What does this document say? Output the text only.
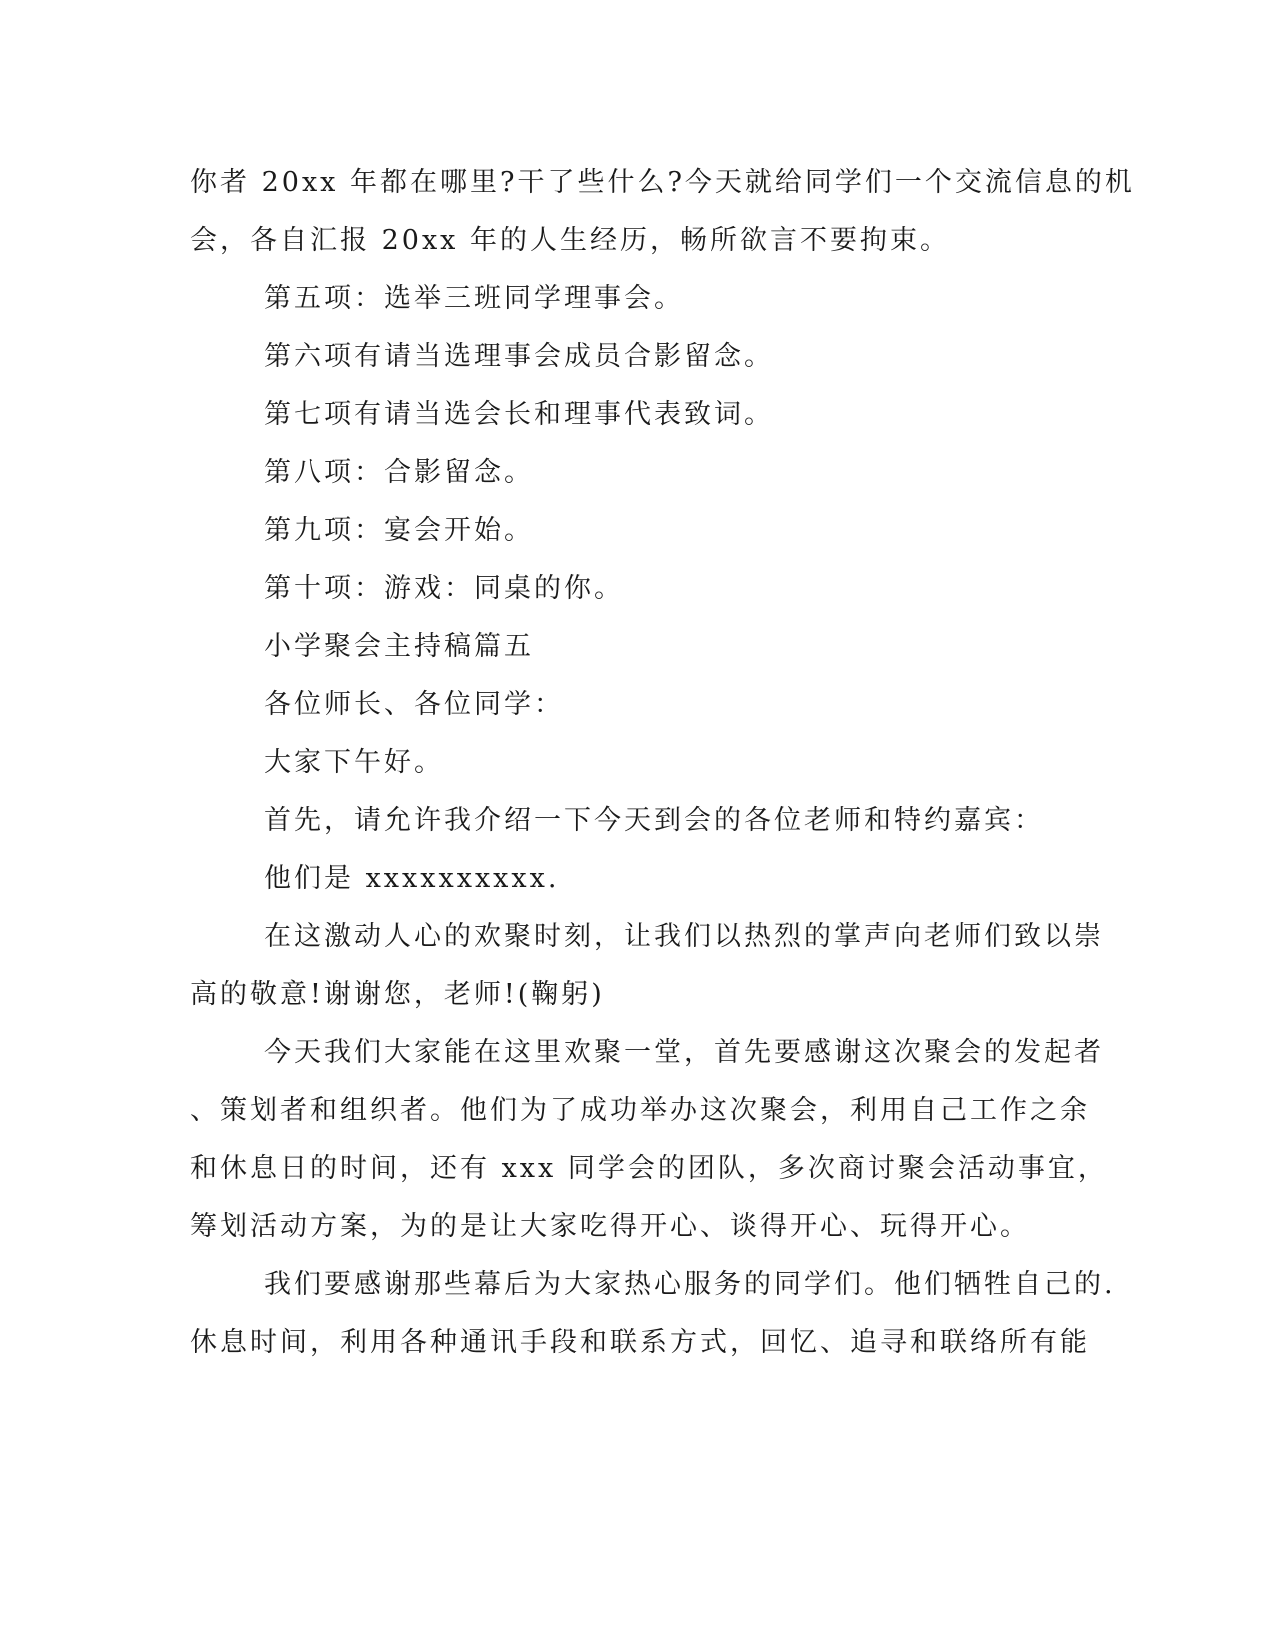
你者 20xx 年都在哪里?干了些什么?今天就给同学们一个交流信息的机
会，各自汇报 20xx 年的人生经历，畅所欲言不要拘束。
第五项：选举三班同学理事会。
第六项有请当选理事会成员合影留念。
第七项有请当选会长和理事代表致词。
第八项：合影留念。
第九项：宴会开始。
第十项：游戏：同桌的你。
小学聚会主持稿篇五
各位师长、各位同学：
大家下午好。
首先，请允许我介绍一下今天到会的各位老师和特约嘉宾：
他们是 xxxxxxxxxx.
在这激动人心的欢聚时刻，让我们以热烈的掌声向老师们致以崇
高的敬意!谢谢您，老师!(鞠躬)
今天我们大家能在这里欢聚一堂，首先要感谢这次聚会的发起者
、策划者和组织者。他们为了成功举办这次聚会，利用自己工作之余
和休息日的时间，还有 xxx 同学会的团队，多次商讨聚会活动事宜，
筹划活动方案，为的是让大家吃得开心、谈得开心、玩得开心。
我们要感谢那些幕后为大家热心服务的同学们。他们牺牲自己的.
休息时间，利用各种通讯手段和联系方式，回忆、追寻和联络所有能
